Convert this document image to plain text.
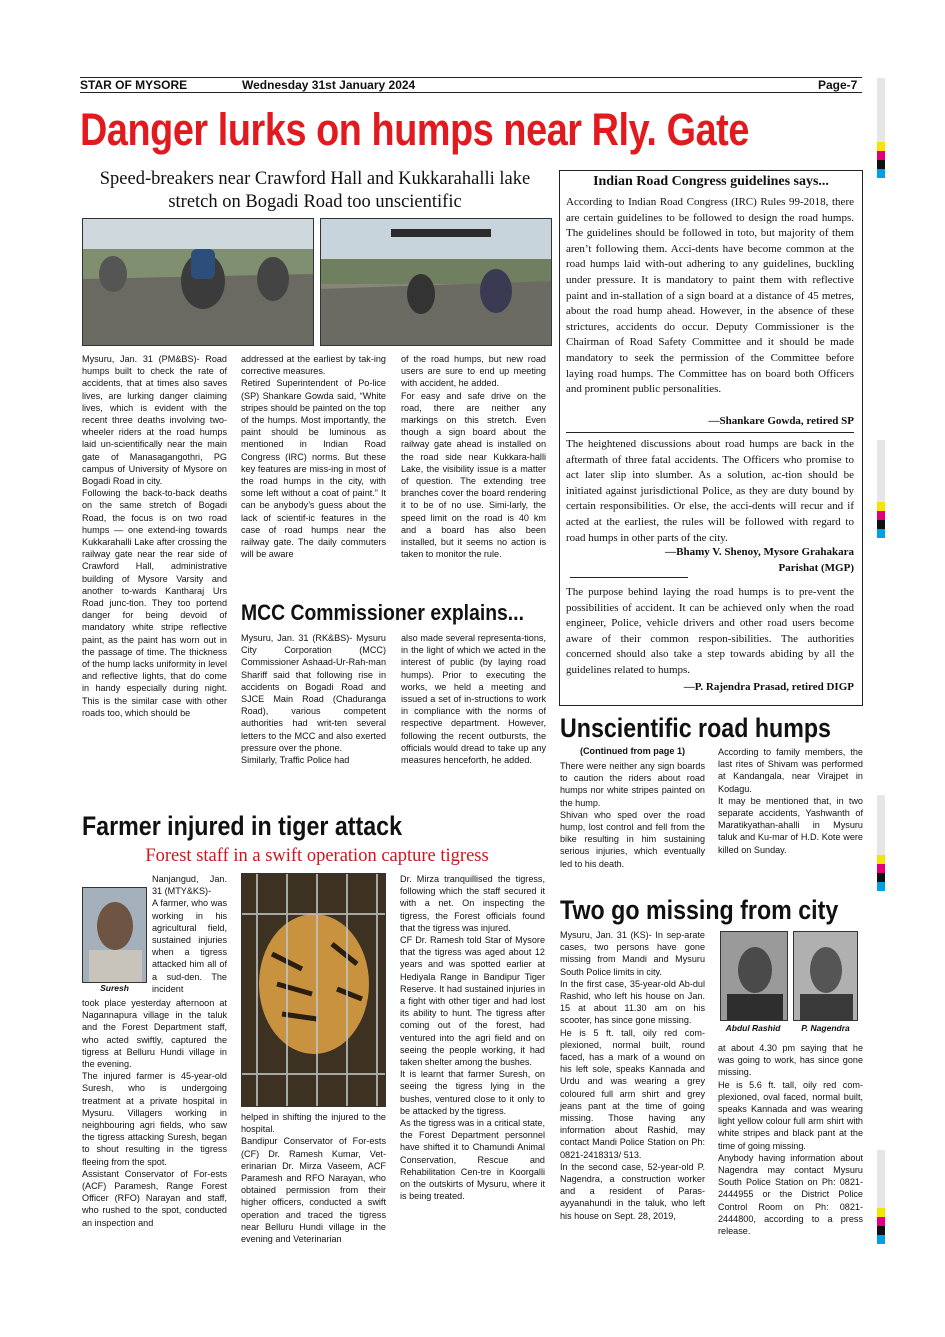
STAR OF MYSORE	Wednesday 31st January 2024	Page-7
Danger lurks on humps near Rly. Gate
Speed-breakers near Crawford Hall and Kukkarahalli lake stretch on Bogadi Road too unscientific
Mysuru, Jan. 31 (PM&BS)- Road humps built to check the rate of accidents, that at times also saves lives, are lurking danger claiming lives, which is evident with the recent three deaths involving two-wheeler riders at the road humps laid un-scientifically near the main gate of Manasagangothri, PG campus of University of Mysore on Bogadi Road in city.
Following the back-to-back deaths on the same stretch of Bogadi Road, the focus is on two road humps — one extend-ing towards Kukkarahalli Lake after crossing the railway gate near the rear side of Crawford Hall, administrative building of Mysore Varsity and another to-wards Kantharaj Urs Road junc-tion. They too portend danger for being devoid of mandatory white stripe reflective paint, as the paint has worn out in the passage of time. The thickness of the hump lacks uniformity in level and reflective lights, that do come in handy especially during night. This is the similar case with other roads too, which should be
addressed at the earliest by tak-ing corrective measures.
Retired Superintendent of Po-lice (SP) Shankare Gowda said, “White stripes should be painted on the top of the humps. Most importantly, the paint should be luminous as mentioned in Indian Road Congress (IRC) norms. But these key features are miss-ing in most of the road humps in the city, with some left without a coat of paint.” It can be anybody’s guess about the lack of scientif-ic features in the case of road humps near the railway gate. The daily commuters will be aware
of the road humps, but new road users are sure to end up meeting with accident, he added.
For easy and safe drive on the road, there are neither any markings on this stretch. Even though a sign board about the railway gate ahead is installed on the road side near Kukkara-halli Lake, the visibility issue is a matter of question. The extending tree branches cover the board rendering it to be of no use. Simi-larly, the speed limit on the road is 40 km and a board has also been installed, but it seems no action is taken to monitor the rule.
MCC Commissioner explains...
Mysuru, Jan. 31 (RK&BS)- Mysuru City Corporation (MCC) Commissioner Ashaad-Ur-Rah-man Shariff said that following rise in accidents on Bogadi Road and SJCE Main Road (Chadurangа Road), various competent authorities had writ-ten several letters to the MCC and also exerted pressure over the phone.
Similarly, Traffic Police had
also made several representa-tions, in the light of which we acted in the interest of public (by laying road humps). Prior to executing the works, we held a meeting and issued a set of in-structions to work in compliance with the norms of respective department. However, following the recent outbursts, the officials would dread to take up any measures henceforth, he added.
Indian Road Congress guidelines says...
According to Indian Road Congress (IRC) Rules 99-2018, there are certain guidelines to be followed to design the road humps. The guidelines should be followed in toto, but majority of them aren’t following them. Acci-dents have become common at the road humps laid with-out adhering to any guidelines, buckling under pressure. It is mandatory to paint them with reflective paint and in-stallation of a sign board at a distance of 45 metres, about the road hump ahead. However, in the absence of these strictures, accidents do occur. Deputy Commissioner is the Chairman of Road Safety Committee and it should be made mandatory to seek the permission of the Committee before laying road humps. The Committee has on board both Officers and prominent public personalities.
—Shankare Gowda, retired SP
The heightened discussions about road humps are back in the aftermath of three fatal accidents. The Officers who promise to act later slip into slumber. As a solution, ac-tion should be initiated against jurisdictional Police, as they are duty bound by certain responsibilities. Or else, the acci-dents will recur and if acted at the earliest, the rules will be followed with regard to road humps in other parts of the city.
—Bhamy V. Shenoy, Mysore Grahakara
Parishat (MGP)
The purpose behind laying the road humps is to pre-vent the possibilities of accident. It can be achieved only when the road engineer, Police, vehicle drivers and other road users become aware of their common respon-sibilities. The authorities concerned should also take a step towards abiding by all the guidelines related to humps.
—P. Rajendra Prasad, retired DIGP
Unscientific road humps
(Continued from page 1)
There were neither any sign boards to caution the riders about road humps nor white stripes painted on the hump.
Shivan who sped over the road hump, lost control and fell from the bike resulting in him sustaining serious injuries, which eventually led to his death.
According to family members, the last rites of Shivam was performed at Kandangala, near Virajpet in Kodagu.
It may be mentioned that, in two separate accidents, Yashwanth of Maratikyathan-ahalli in Mysuru taluk and Ku-mar of H.D. Kote were killed on Sunday.
Farmer injured in tiger attack
Forest staff in a swift operation capture tigress
Suresh
Nanjangud, Jan. 31 (MTY&KS)-
A farmer, who was working in his agricultural field, sustained injuries when a tigress attacked him all of a sud-den. The incident
took place yesterday afternoon at Nagannapura village in the taluk and the Forest Department staff, who acted swiftly, captured the tigress at Belluru Hundi village in the evening.
The injured farmer is 45-year-old Suresh, who is undergoing treatment at a private hospital in Mysuru. Villagers working in neighbouring agri fields, who saw the tigress attacking Suresh, began to shout resulting in the tigress fleeing from the spot.
Assistant Conservator of For-ests (ACF) Paramesh, Range Forest Officer (RFO) Narayan and staff, who rushed to the spot, conducted an inspection and
helped in shifting the injured to the hospital.
Bandipur Conservator of For-ests (CF) Dr. Ramesh Kumar, Vet-erinarian Dr. Mirza Vaseem, ACF Paramesh and RFO Narayan, who obtained permission from their higher officers, conducted a swift operation and traced the tigress near Belluru Hundi village in the evening and Veterinarian
Dr. Mirza tranquillised the tigress, following which the staff secured it with a net. On inspecting the tigress, the Forest officials found that the tigress was injured.
CF Dr. Ramesh told Star of Mysore that the tigress was aged about 12 years and was spotted earlier at Hediyala Range in Bandipur Tiger Reserve. It had sustained injuries in a fight with other tiger and had lost its ability to hunt. The tigress after coming out of the forest, had ventured into the agri field and on seeing the people working, it had taken shelter among the bushes.
It is learnt that farmer Suresh, on seeing the tigress lying in the bushes, ventured close to it only to be attacked by the tigress.
As the tigress was in a critical state, the Forest Department personnel have shifted it to Chamundi Animal Conservation, Rescue and Rehabilitation Cen-tre in Koorgalli on the outskirts of Mysuru, where it is being treated.
Two go missing from city
Abdul Rashid	P. Nagendra
Mysuru, Jan. 31 (KS)- In sep-arate cases, two persons have gone missing from Mandi and Mysuru South Police limits in city.
In the first case, 35-year-old Ab-dul Rashid, who left his house on Jan. 15 at about 11.30 am on his scooter, has since gone missing.
He is 5 ft. tall, oily red com-plexioned, normal built, round faced, has a mark of a wound on his left sole, speaks Kannada and Urdu and was wearing a grey coloured full arm shirt and grey jeans pant at the time of going missing. Those having any information about Rashid, may contact Mandi Police Station on Ph: 0821-2418313/ 513.
In the second case, 52-year-old P. Nagendra, a construction worker and a resident of Paras-ayyanahundi in the taluk, who left his house on Sept. 28, 2019,
at about 4.30 pm saying that he was going to work, has since gone missing.
He is 5.6 ft. tall, oily red com-plexioned, oval faced, normal built, speaks Kannada and was wearing light yellow colour full arm shirt with white stripes and black pant at the time of going missing.
Anybody having information about Nagendra may contact Mysuru South Police Station on Ph: 0821-2444955 or the District Police Control Room on Ph: 0821-2444800, according to a press release.
